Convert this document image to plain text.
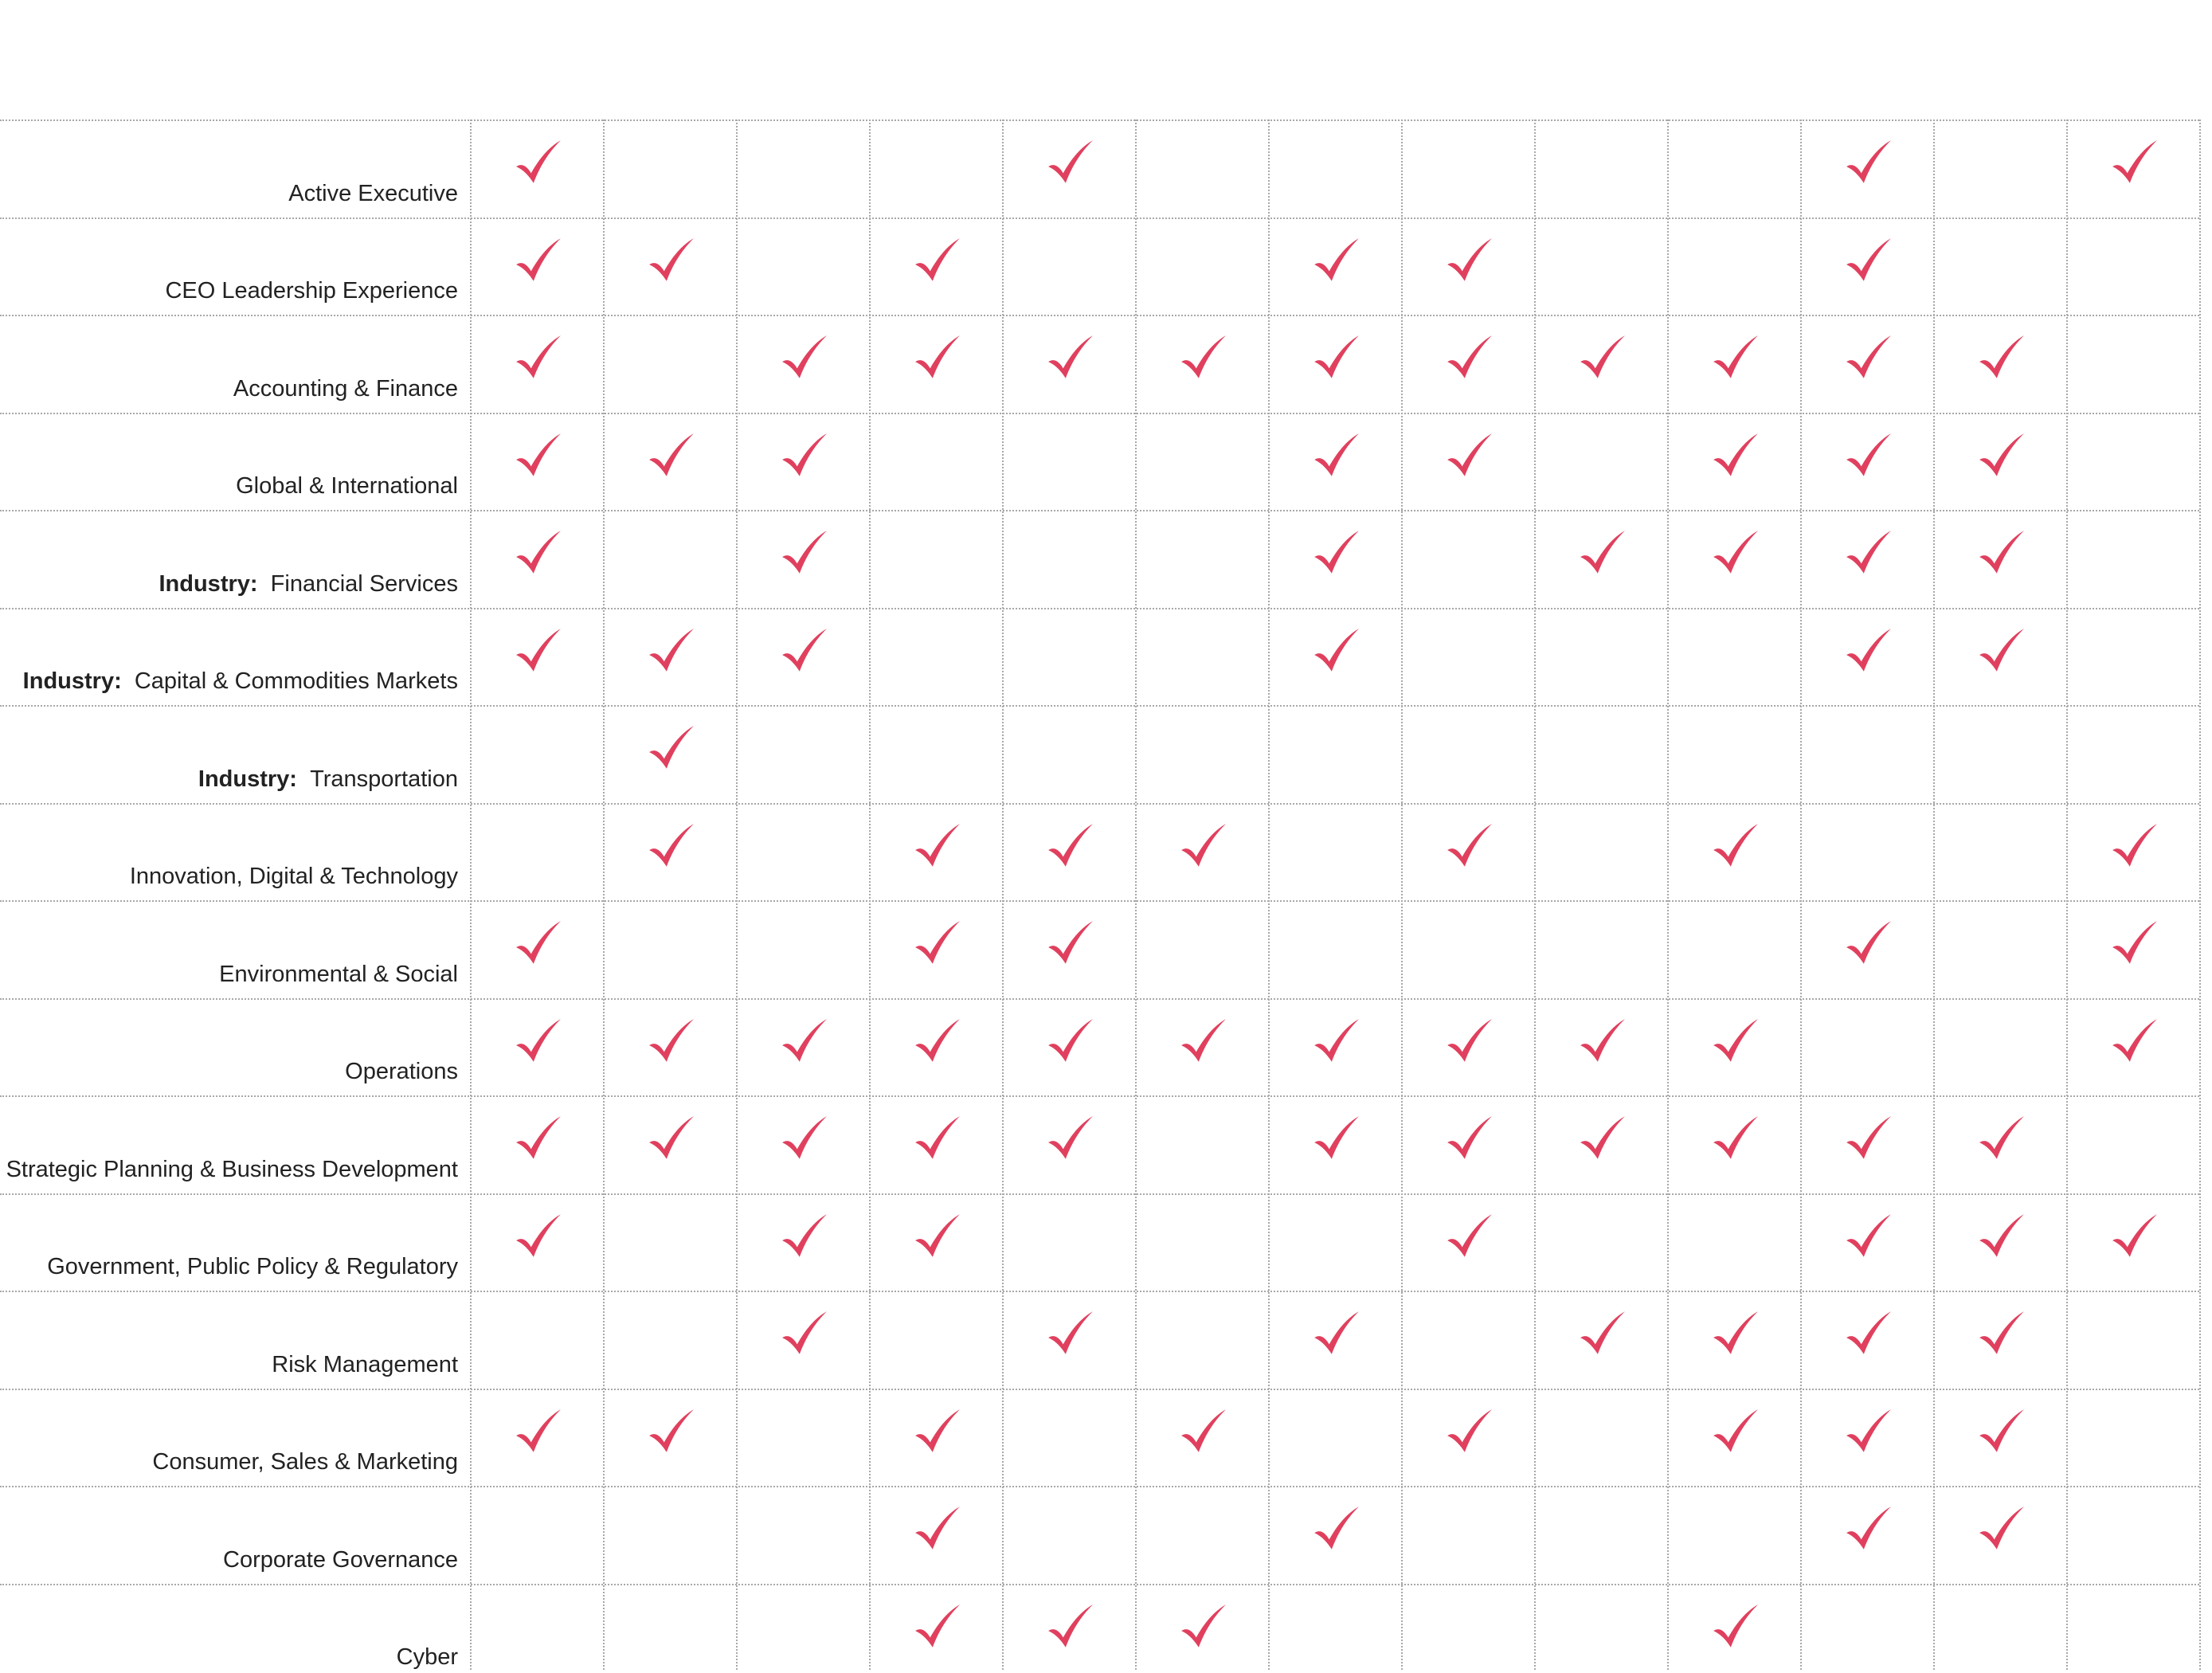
Active Executive
CEO Leadership Experience
Accounting & Finance
Global & International
Industry: Financial Services
Industry: Capital & Commodities Markets
Industry: Transportation
Innovation, Digital & Technology
Environmental & Social
Operations
Strategic Planning & Business Development
Government, Public Policy & Regulatory
Risk Management
Consumer, Sales & Marketing
Corporate Governance
Cyber
